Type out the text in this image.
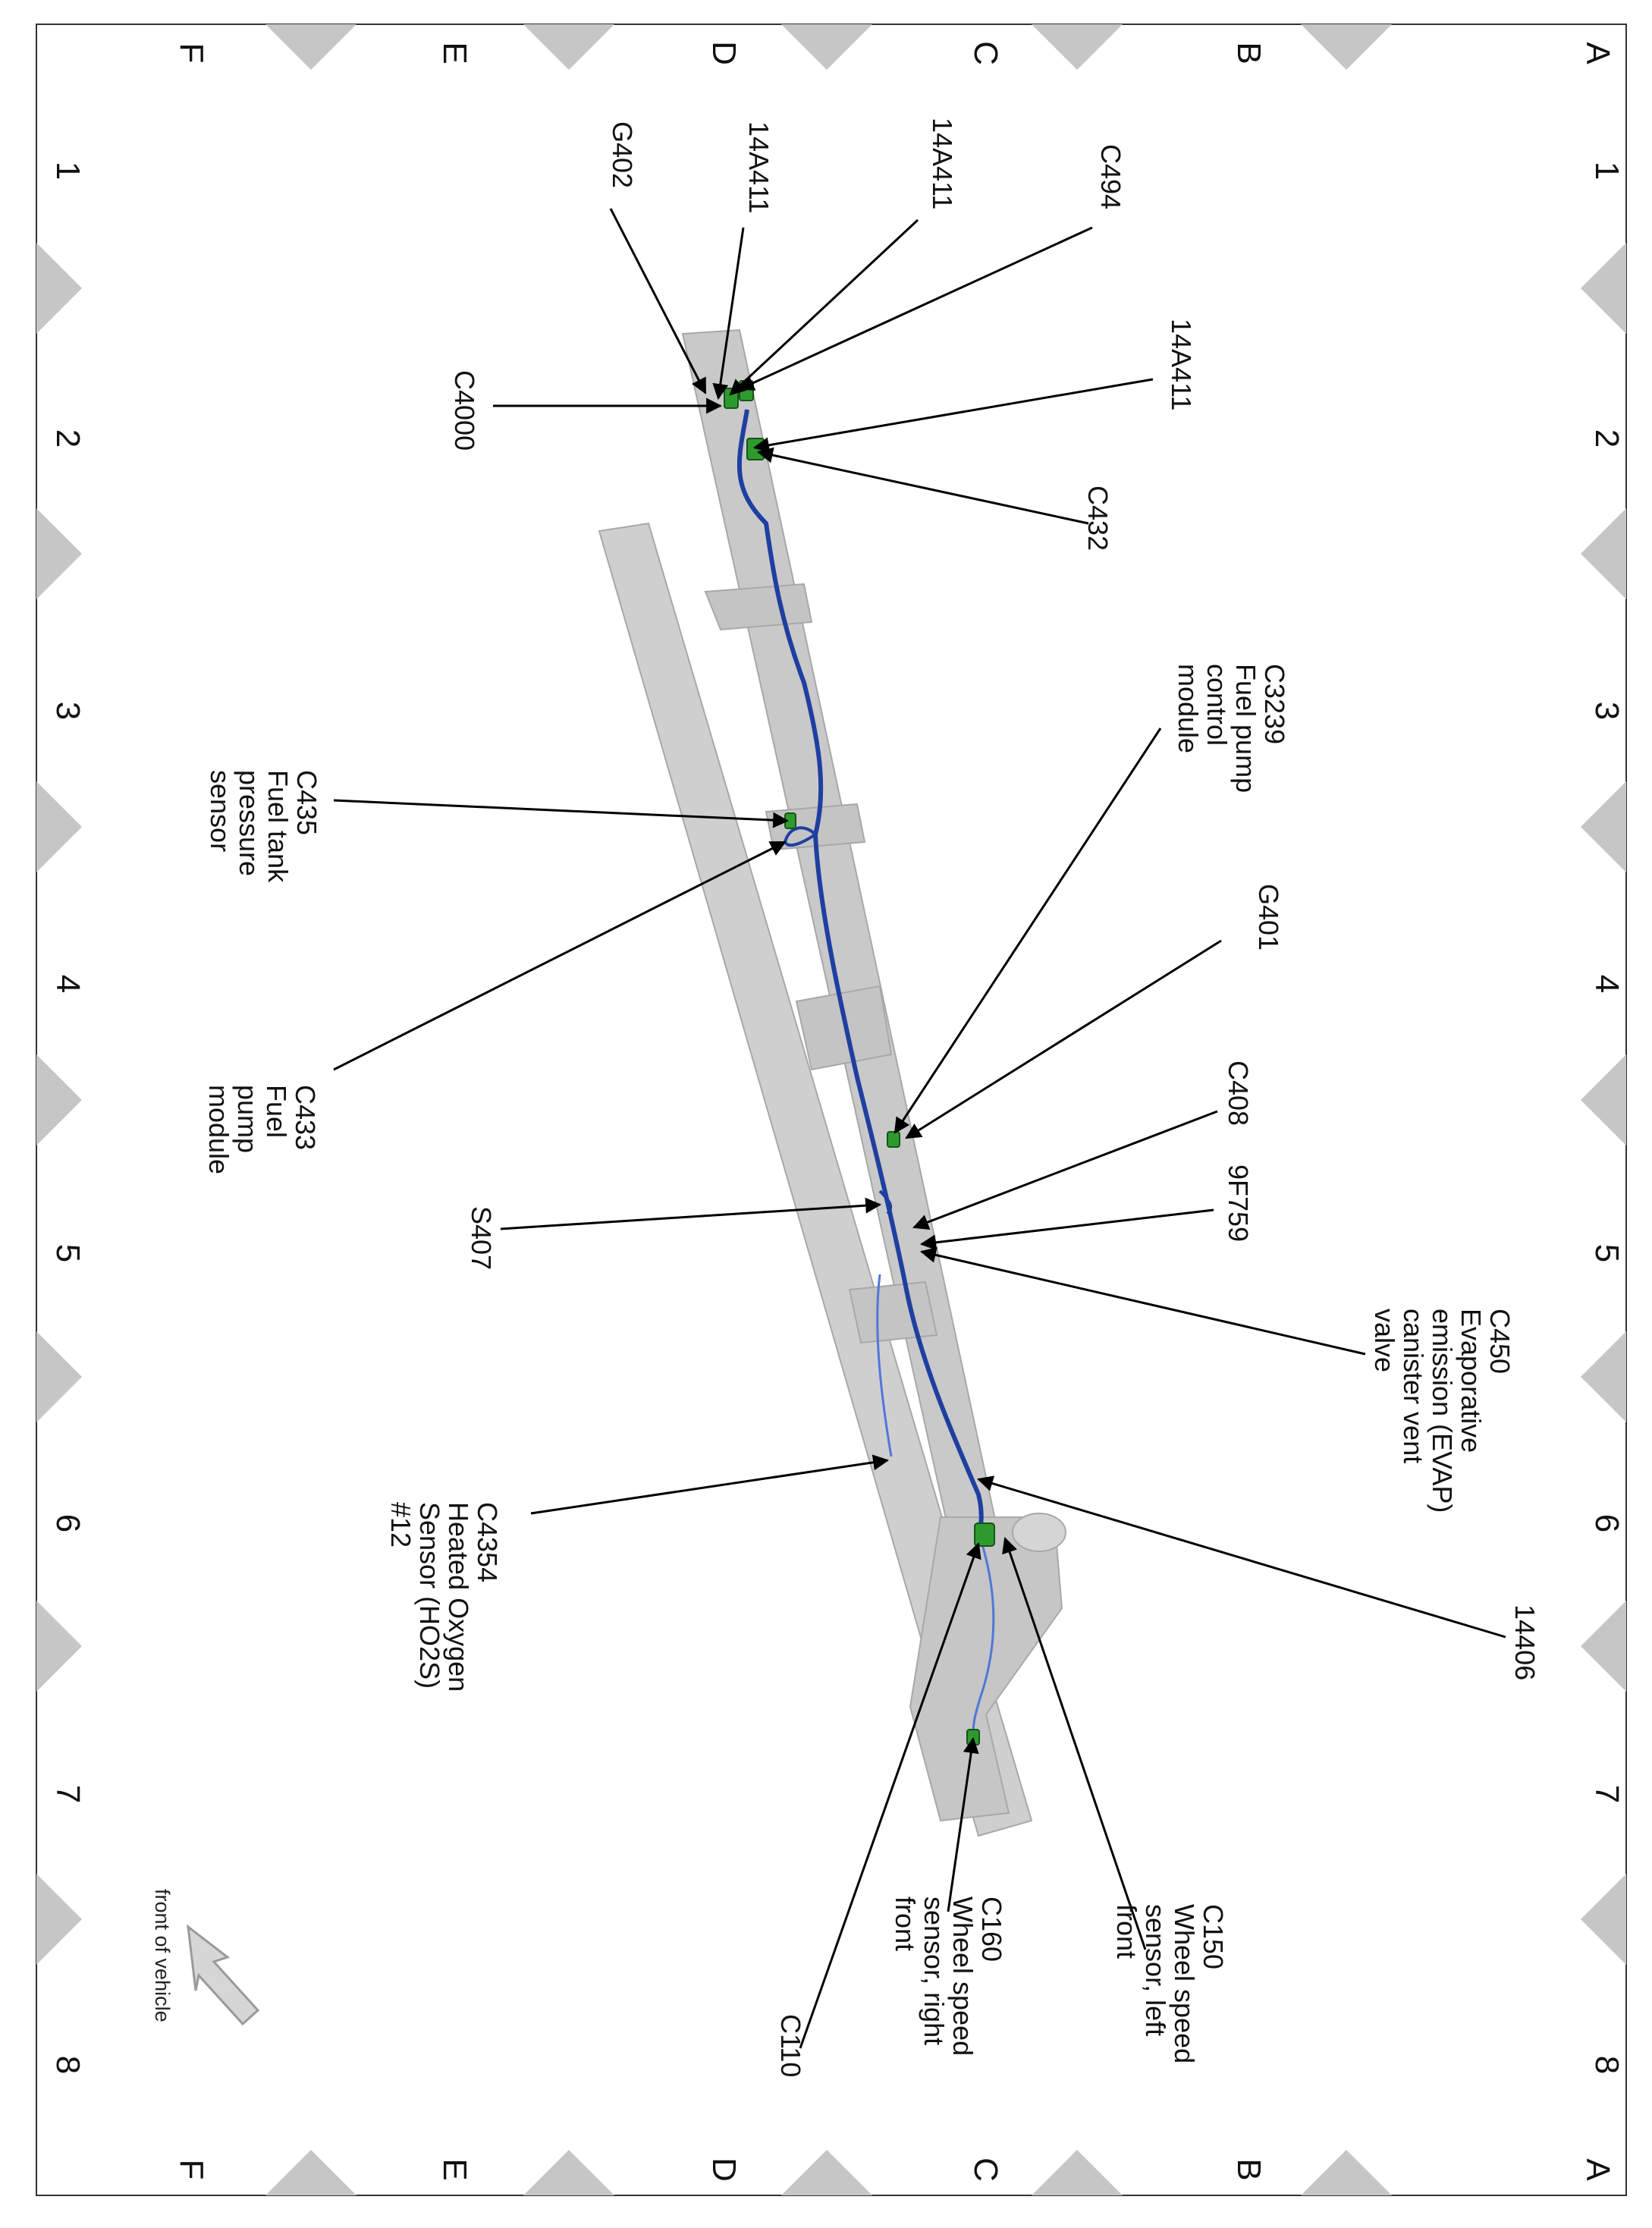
A
B
C
D
E
F
A
B
C
D
E
F
1
2
3
4
5
6
7
8
1
2
3
4
5
6
7
8
C494
14A411
14A411
G402
14A411
C4000
C432
C3239 Fuel pump control module
C435 Fuel tank pressure sensor
G401
C433 Fuel pump module	C408
9F759
S407
C450 Evaporative emission (EVAP) canister vent valve
C4354 Heated Oxygen Sensor (HO2S) #12
14406
C150 Wheel speed sensor, left front
C160 Wheel speed sensor, right front
C110
front of vehicle
